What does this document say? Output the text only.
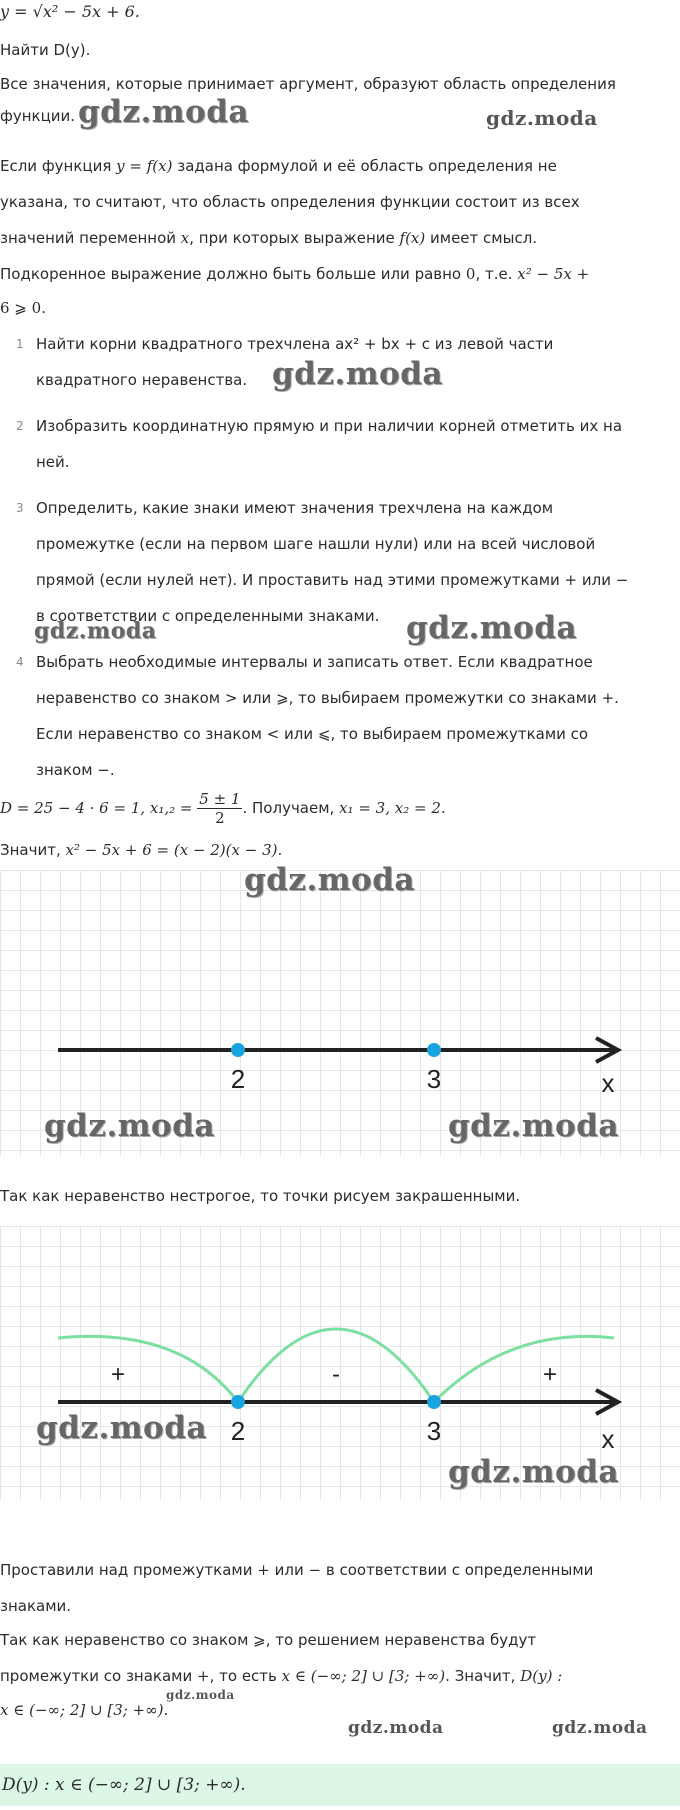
y = √x² − 5x + 6.
Найти D(y).
Все значения, которые принимает аргумент, образуют область определения
функции. gdz.moda	gdz.moda
Если функция y = f(x) задана формулой и её область определения не
указана, то считают, что область определения функции состоит из всех
значений переменной x, при которых выражение f(x) имеет смысл.
Подкоренное выражение должно быть больше или равно 0, т.е. x² − 5x +
6 ⩾ 0.
1 Найти корни квадратного трехчлена ax² + bx + c из левой части
квадратного неравенства. gdz.moda
2 Изобразить координатную прямую и при наличии корней отметить их на
ней.
3 Определить, какие знаки имеют значения трехчлена на каждом
промежутке (если на первом шаге нашли нули) или на всей числовой
прямой (если нулей нет). И проставить над этими промежутками + или −
в соответствии с определенными знаками.
gdz.moda	gdz.moda
4 Выбрать необходимые интервалы и записать ответ. Если квадратное
неравенство со знаком > или ⩾, то выбираем промежутки со знаками +.
Если неравенство со знаком < или ⩽, то выбираем промежутками со
знаком −.
D = 25 − 4 · 6 = 1, $x_1,_2 = \frac{5 \pm 1}{2}$ . Получаем, x₁ = 3, x₂ = 2.
Значит, x² − 5x + 6 = (x − 2)(x − 3).
2	3	x
gdz.moda
gdz.moda	gdz.moda
Так как неравенство нестрогое, то точки рисуем закрашенными.
+	-	+
2	3	x
gdz.moda
gdz.moda
Проставили над промежутками + или − в соответствии с определенными
знаками.
Так как неравенство со знаком ⩾, то решением неравенства будут
промежутки со знаками +, то есть x ∈ (−∞; 2] ∪ [3; +∞). Значит, D(y) :
x ∈ (−∞; 2] ∪ [3; +∞).
gdz.moda
gdz.moda	gdz.moda
D(y) : x ∈ (−∞; 2] ∪ [3; +∞).
